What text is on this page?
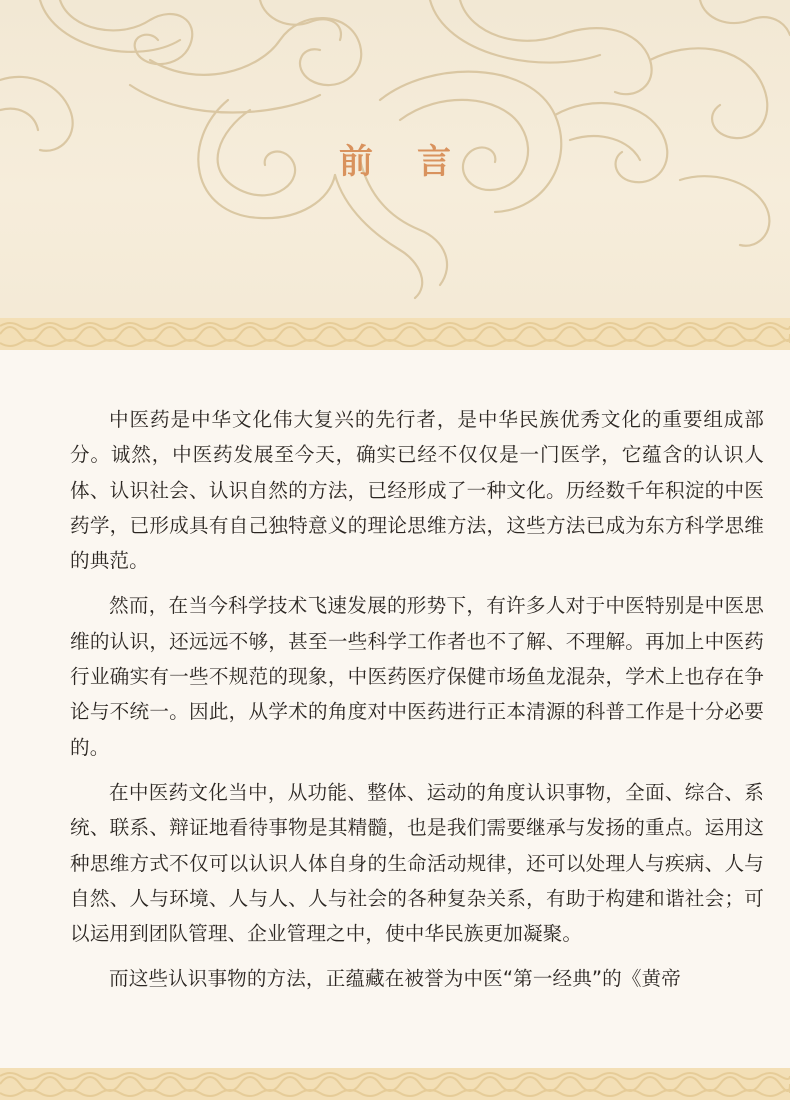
前言

中医药是中华文化伟大复兴的先行者，是中华民族优秀文化的重要组成部分。诚然，中医药发展至今天，确实已经不仅仅是一门医学，它蕴含的认识人体、认识社会、认识自然的方法，已经形成了一种文化。历经数千年积淀的中医药学，已形成具有自己独特意义的理论思维方法，这些方法已成为东方科学思维的典范。

然而，在当今科学技术飞速发展的形势下，有许多人对于中医特别是中医思维的认识，还远远不够，甚至一些科学工作者也不了解、不理解。再加上中医药行业确实有一些不规范的现象，中医药医疗保健市场鱼龙混杂，学术上也存在争论与不统一。因此，从学术的角度对中医药进行正本清源的科普工作是十分必要的。

在中医药文化当中，从功能、整体、运动的角度认识事物，全面、综合、系统、联系、辩证地看待事物是其精髓，也是我们需要继承与发扬的重点。运用这种思维方式不仅可以认识人体自身的生命活动规律，还可以处理人与疾病、人与自然、人与环境、人与人、人与社会的各种复杂关系，有助于构建和谐社会；可以运用到团队管理、企业管理之中，使中华民族更加凝聚。

而这些认识事物的方法，正蕴藏在被誉为中医“第一经典”的《黄帝
